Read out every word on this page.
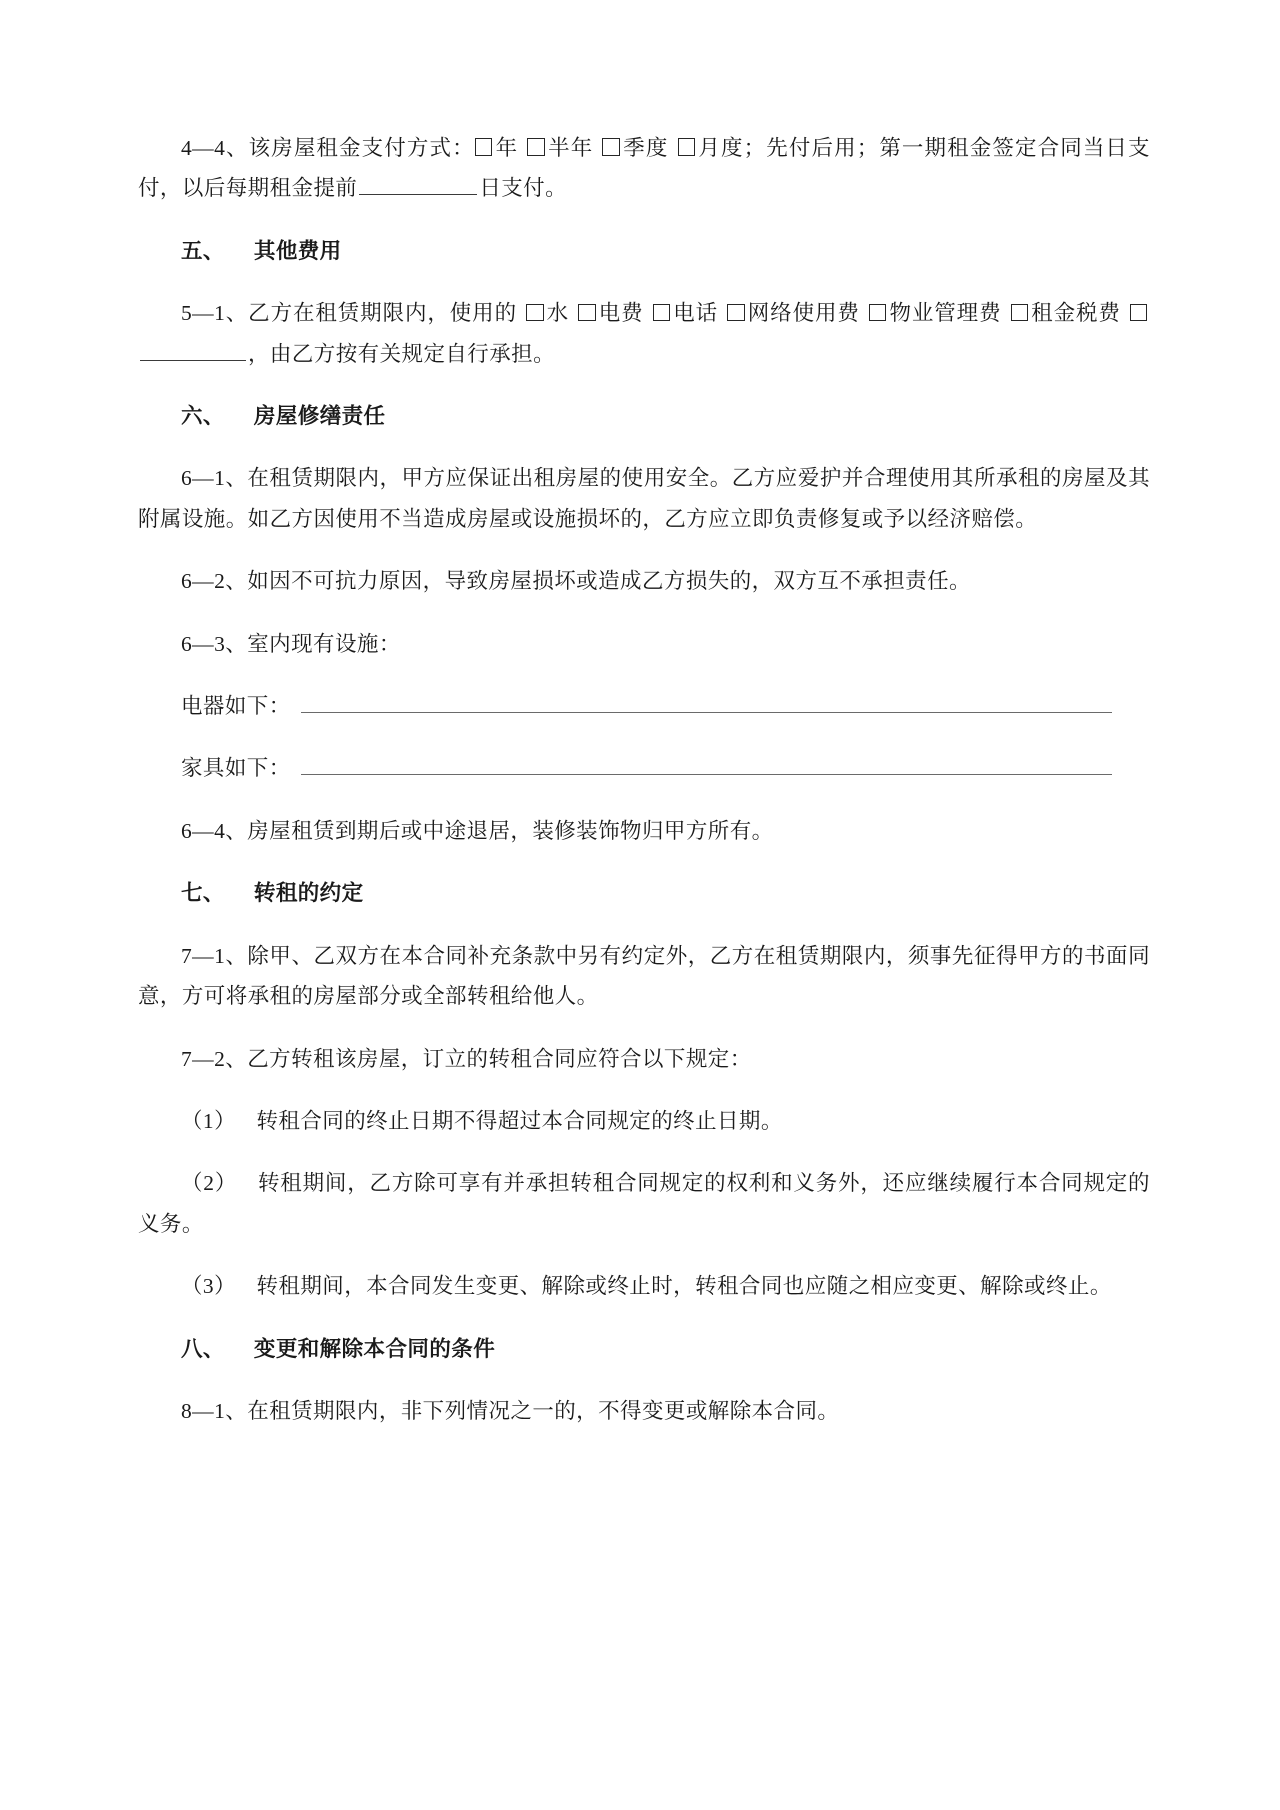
4—4、该房屋租金支付方式： 年 半年 季度 月度；先付后用；第一期租金签定合同当日支付，以后每期租金提前	日支付。

五、 其他费用

5—1、乙方在租赁期限内，使用的 水 电费 电话 网络使用费 物业管理费 租金税费，由乙方按有关规定自行承担。

六、 房屋修缮责任

6—1、在租赁期限内，甲方应保证出租房屋的使用安全。乙方应爱护并合理使用其所承租的房屋及其附属设施。如乙方因使用不当造成房屋或设施损坏的，乙方应立即负责修复或予以经济赔偿。

6—2、如因不可抗力原因，导致房屋损坏或造成乙方损失的，双方互不承担责任。

6—3、室内现有设施：

电器如下：
家具如下：

6—4、房屋租赁到期后或中途退居，装修装饰物归甲方所有。

七、 转租的约定

7—1、除甲、乙双方在本合同补充条款中另有约定外，乙方在租赁期限内，须事先征得甲方的书面同意，方可将承租的房屋部分或全部转租给他人。

7—2、乙方转租该房屋，订立的转租合同应符合以下规定：

（1） 转租合同的终止日期不得超过本合同规定的终止日期。

（2） 转租期间，乙方除可享有并承担转租合同规定的权利和义务外，还应继续履行本合同规定的义务。

（3） 转租期间，本合同发生变更、解除或终止时，转租合同也应随之相应变更、解除或终止。

八、 变更和解除本合同的条件

8—1、在租赁期限内，非下列情况之一的，不得变更或解除本合同。
